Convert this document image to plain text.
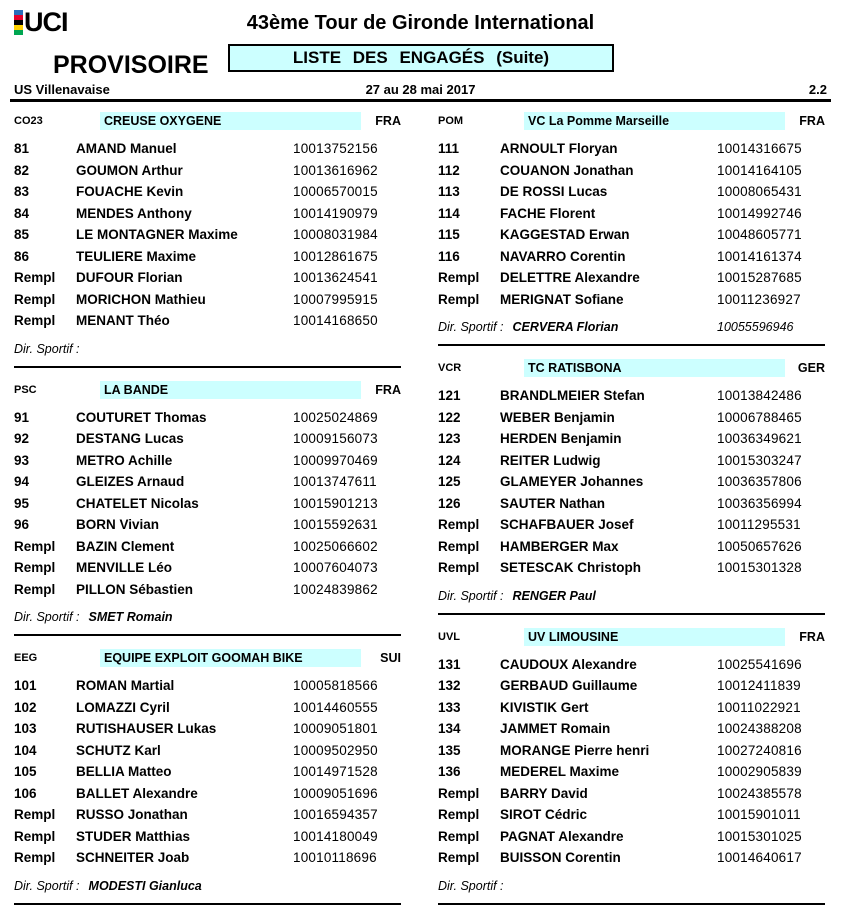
UCI	43ème Tour de Gironde International
PROVISOIRE	LISTE DES ENGAGÉS (Suite)
US Villenavaise	27 au 28 mai 2017	2.2
CO23	CREUSE OXYGENE	FRA
81	AMAND Manuel	10013752156
82	GOUMON Arthur	10013616962
83	FOUACHE Kevin	10006570015
84	MENDES Anthony	10014190979
85	LE MONTAGNER Maxime	10008031984
86	TEULIERE Maxime	10012861675
Rempl	DUFOUR Florian	10013624541
Rempl	MORICHON Mathieu	10007995915
Rempl	MENANT Théo	10014168650
Dir. Sportif :
PSC	LA BANDE	FRA
91	COUTURET Thomas	10025024869
92	DESTANG Lucas	10009156073
93	METRO Achille	10009970469
94	GLEIZES Arnaud	10013747611
95	CHATELET Nicolas	10015901213
96	BORN Vivian	10015592631
Rempl	BAZIN Clement	10025066602
Rempl	MENVILLE Léo	10007604073
Rempl	PILLON Sébastien	10024839862
Dir. Sportif : SMET Romain
EEG	EQUIPE EXPLOIT GOOMAH BIKE	SUI
101	ROMAN Martial	10005818566
102	LOMAZZI Cyril	10014460555
103	RUTISHAUSER Lukas	10009051801
104	SCHUTZ Karl	10009502950
105	BELLIA Matteo	10014971528
106	BALLET Alexandre	10009051696
Rempl	RUSSO Jonathan	10016594357
Rempl	STUDER Matthias	10014180049
Rempl	SCHNEITER Joab	10010118696
Dir. Sportif : MODESTI Gianluca
POM	VC La Pomme Marseille	FRA
111	ARNOULT Floryan	10014316675
112	COUANON Jonathan	10014164105
113	DE ROSSI Lucas	10008065431
114	FACHE Florent	10014992746
115	KAGGESTAD Erwan	10048605771
116	NAVARRO Corentin	10014161374
Rempl	DELETTRE Alexandre	10015287685
Rempl	MERIGNAT Sofiane	10011236927
Dir. Sportif : CERVERA Florian	10055596946
VCR	TC RATISBONA	GER
121	BRANDLMEIER Stefan	10013842486
122	WEBER Benjamin	10006788465
123	HERDEN Benjamin	10036349621
124	REITER Ludwig	10015303247
125	GLAMEYER Johannes	10036357806
126	SAUTER Nathan	10036356994
Rempl	SCHAFBAUER Josef	10011295531
Rempl	HAMBERGER Max	10050657626
Rempl	SETESCAK Christoph	10015301328
Dir. Sportif : RENGER Paul
UVL	UV LIMOUSINE	FRA
131	CAUDOUX Alexandre	10025541696
132	GERBAUD Guillaume	10012411839
133	KIVISTIK Gert	10011022921
134	JAMMET Romain	10024388208
135	MORANGE Pierre henri	10027240816
136	MEDEREL Maxime	10002905839
Rempl	BARRY David	10024385578
Rempl	SIROT Cédric	10015901011
Rempl	PAGNAT Alexandre	10015301025
Rempl	BUISSON Corentin	10014640617
Dir. Sportif :
